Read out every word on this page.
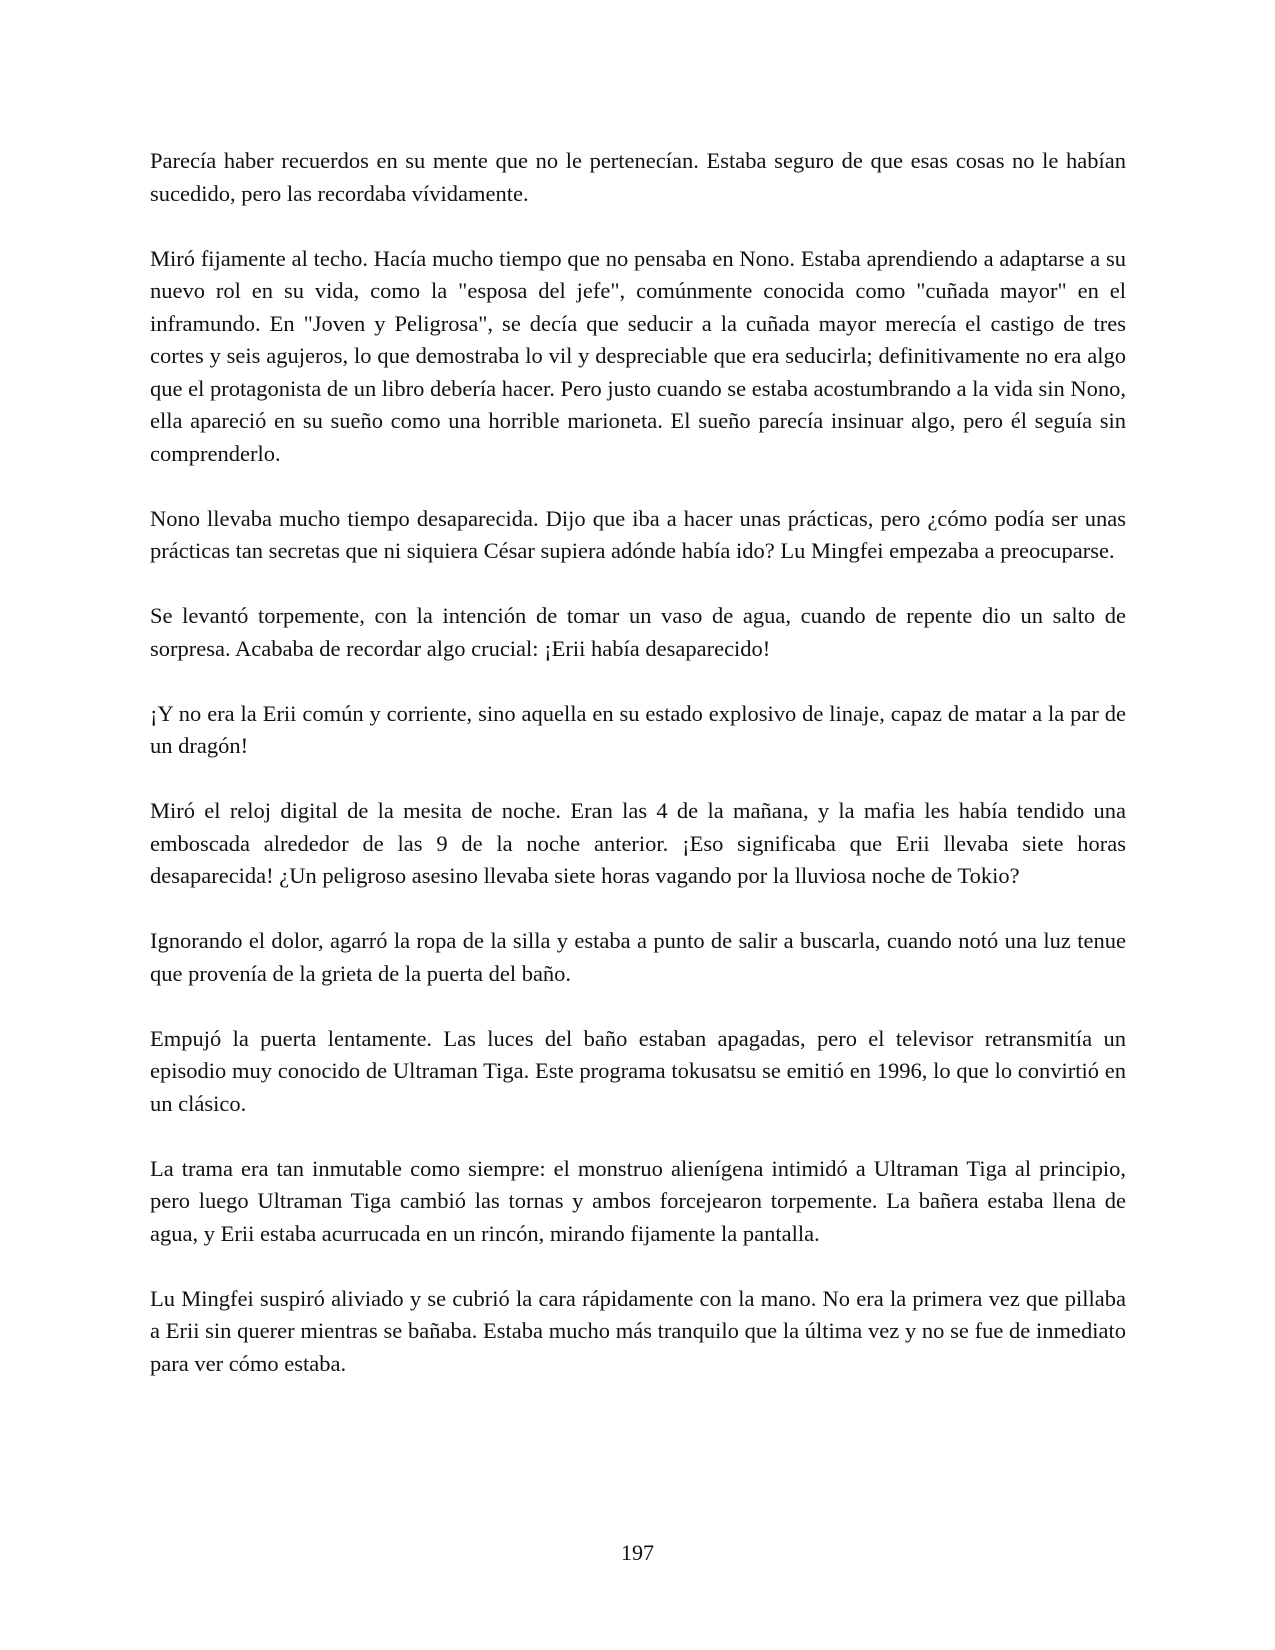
Parecía haber recuerdos en su mente que no le pertenecían. Estaba seguro de que esas cosas no le habían sucedido, pero las recordaba vívidamente.

Miró fijamente al techo. Hacía mucho tiempo que no pensaba en Nono. Estaba aprendiendo a adaptarse a su nuevo rol en su vida, como la "esposa del jefe", comúnmente conocida como "cuñada mayor" en el inframundo. En "Joven y Peligrosa", se decía que seducir a la cuñada mayor merecía el castigo de tres cortes y seis agujeros, lo que demostraba lo vil y despreciable que era seducirla; definitivamente no era algo que el protagonista de un libro debería hacer. Pero justo cuando se estaba acostumbrando a la vida sin Nono, ella apareció en su sueño como una horrible marioneta. El sueño parecía insinuar algo, pero él seguía sin comprenderlo.

Nono llevaba mucho tiempo desaparecida. Dijo que iba a hacer unas prácticas, pero ¿cómo podía ser unas prácticas tan secretas que ni siquiera César supiera adónde había ido? Lu Mingfei empezaba a preocuparse.

Se levantó torpemente, con la intención de tomar un vaso de agua, cuando de repente dio un salto de sorpresa. Acababa de recordar algo crucial: ¡Erii había desaparecido!

¡Y no era la Erii común y corriente, sino aquella en su estado explosivo de linaje, capaz de matar a la par de un dragón!

Miró el reloj digital de la mesita de noche. Eran las 4 de la mañana, y la mafia les había tendido una emboscada alrededor de las 9 de la noche anterior. ¡Eso significaba que Erii llevaba siete horas desaparecida! ¿Un peligroso asesino llevaba siete horas vagando por la lluviosa noche de Tokio?

Ignorando el dolor, agarró la ropa de la silla y estaba a punto de salir a buscarla, cuando notó una luz tenue que provenía de la grieta de la puerta del baño.

Empujó la puerta lentamente. Las luces del baño estaban apagadas, pero el televisor retransmitía un episodio muy conocido de Ultraman Tiga. Este programa tokusatsu se emitió en 1996, lo que lo convirtió en un clásico.

La trama era tan inmutable como siempre: el monstruo alienígena intimidó a Ultraman Tiga al principio, pero luego Ultraman Tiga cambió las tornas y ambos forcejearon torpemente. La bañera estaba llena de agua, y Erii estaba acurrucada en un rincón, mirando fijamente la pantalla.

Lu Mingfei suspiró aliviado y se cubrió la cara rápidamente con la mano. No era la primera vez que pillaba a Erii sin querer mientras se bañaba. Estaba mucho más tranquilo que la última vez y no se fue de inmediato para ver cómo estaba.

197
